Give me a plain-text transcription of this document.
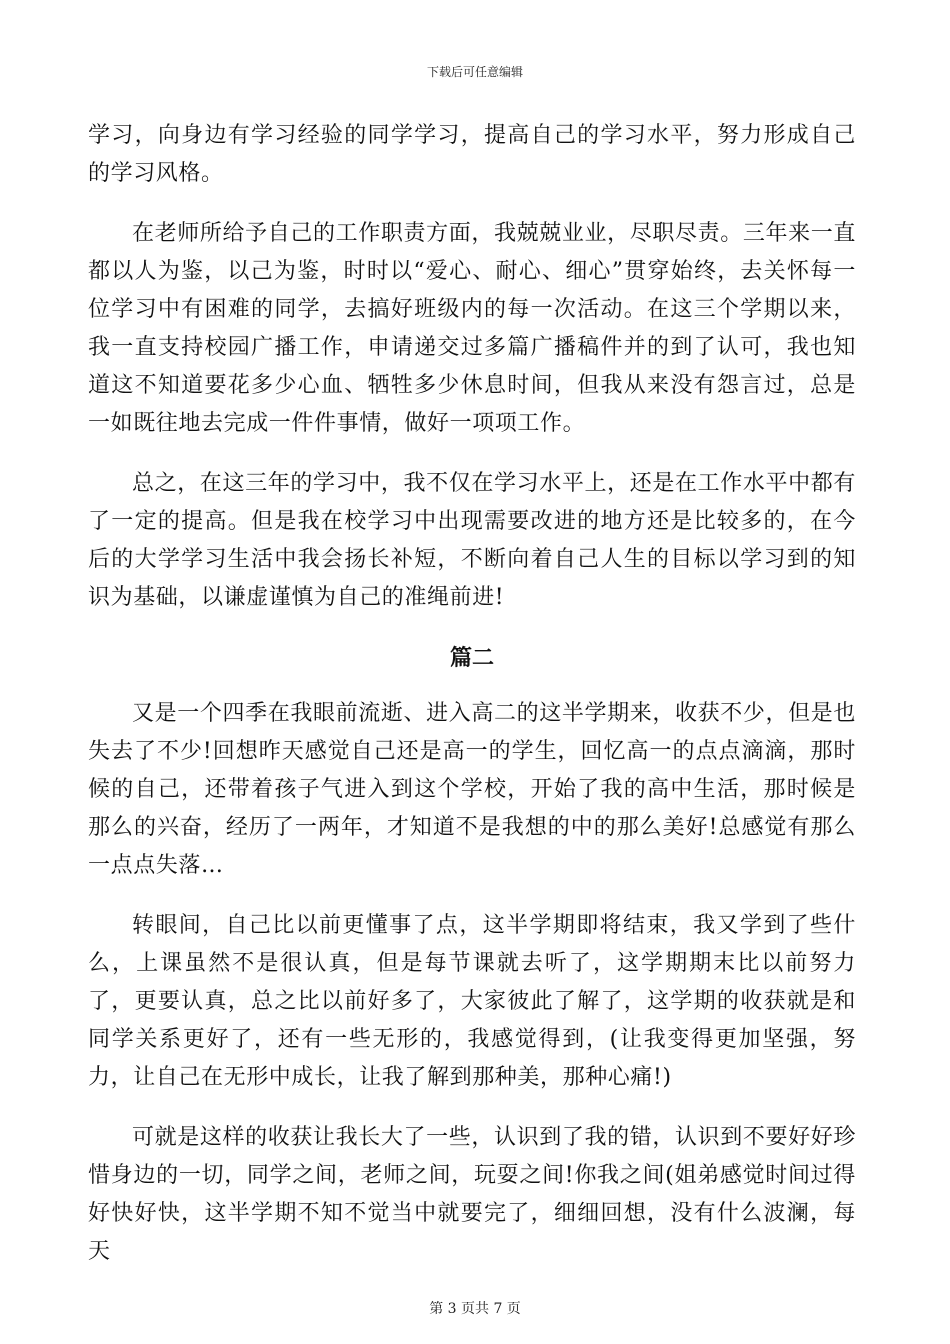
下载后可任意编辑

学习，向身边有学习经验的同学学习，提高自己的学习水平，努力形成自己的学习风格。

在老师所给予自己的工作职责方面，我兢兢业业，尽职尽责。三年来一直都以人为鉴，以己为鉴，时时以“爱心、耐心、细心”贯穿始终，去关怀每一位学习中有困难的同学，去搞好班级内的每一次活动。在这三个学期以来，我一直支持校园广播工作，申请递交过多篇广播稿件并的到了认可，我也知道这不知道要花多少心血、牺牲多少休息时间，但我从来没有怨言过，总是一如既往地去完成一件件事情，做好一项项工作。

总之，在这三年的学习中，我不仅在学习水平上，还是在工作水平中都有了一定的提高。但是我在校学习中出现需要改进的地方还是比较多的，在今后的大学学习生活中我会扬长补短，不断向着自己人生的目标以学习到的知识为基础，以谦虚谨慎为自己的准绳前进!

篇二

又是一个四季在我眼前流逝、进入高二的这半学期来，收获不少，但是也失去了不少!回想昨天感觉自己还是高一的学生，回忆高一的点点滴滴，那时候的自己，还带着孩子气进入到这个学校，开始了我的高中生活，那时候是那么的兴奋，经历了一两年，才知道不是我想的中的那么美好!总感觉有那么一点点失落…

转眼间，自己比以前更懂事了点，这半学期即将结束，我又学到了些什么，上课虽然不是很认真，但是每节课就去听了，这学期期末比以前努力了，更要认真，总之比以前好多了，大家彼此了解了，这学期的收获就是和同学关系更好了，还有一些无形的，我感觉得到，(让我变得更加坚强，努力，让自己在无形中成长，让我了解到那种美，那种心痛!)

可就是这样的收获让我长大了一些，认识到了我的错，认识到不要好好珍惜身边的一切，同学之间，老师之间，玩耍之间!你我之间(姐弟感觉时间过得好快好快，这半学期不知不觉当中就要完了，细细回想，没有什么波澜，每天

第 3 页共 7 页
